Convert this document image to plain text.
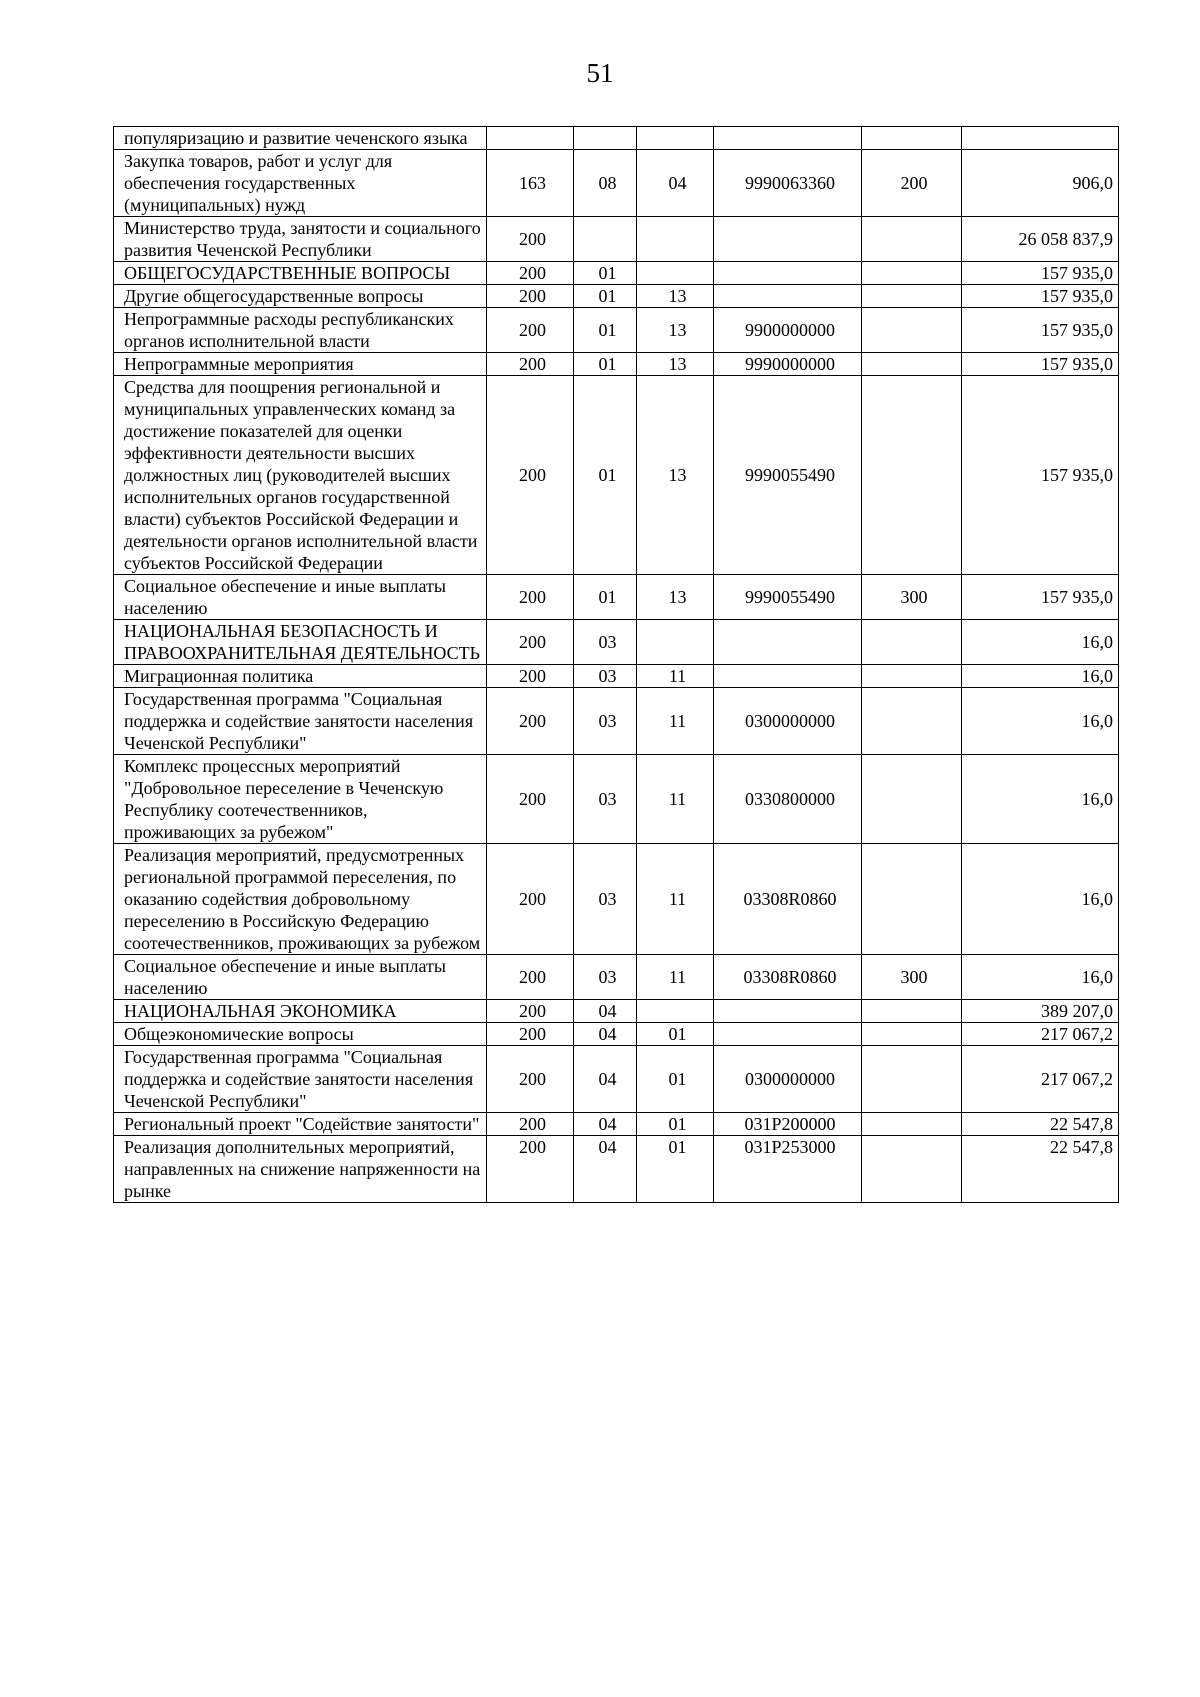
51
популяризацию и развитие чеченского языка						
Закупка товаров, работ и услуг для обеспечения государственных (муниципальных) нужд	163	08	04	9990063360	200	906,0
Министерство труда, занятости и социального развития Чеченской Республики	200					26 058 837,9
ОБЩЕГОСУДАРСТВЕННЫЕ ВОПРОСЫ	200	01				157 935,0
Другие общегосударственные вопросы	200	01	13			157 935,0
Непрограммные расходы республиканских органов исполнительной власти	200	01	13	9900000000		157 935,0
Непрограммные мероприятия	200	01	13	9990000000		157 935,0
Средства для поощрения региональной и муниципальных управленческих команд за достижение показателей для оценки эффективности деятельности высших должностных лиц (руководителей высших исполнительных органов государственной власти) субъектов Российской Федерации и деятельности органов исполнительной власти субъектов Российской Федерации	200	01	13	9990055490		157 935,0
Социальное обеспечение и иные выплаты населению	200	01	13	9990055490	300	157 935,0
НАЦИОНАЛЬНАЯ БЕЗОПАСНОСТЬ И ПРАВООХРАНИТЕЛЬНАЯ ДЕЯТЕЛЬНОСТЬ	200	03				16,0
Миграционная политика	200	03	11			16,0
Государственная программа "Социальная поддержка и содействие занятости населения Чеченской Республики"	200	03	11	0300000000		16,0
Комплекс процессных мероприятий "Добровольное переселение в Чеченскую Республику соотечественников, проживающих за рубежом"	200	03	11	0330800000		16,0
Реализация мероприятий, предусмотренных региональной программой переселения, по оказанию содействия добровольному переселению в Российскую Федерацию соотечественников, проживающих за рубежом	200	03	11	03308R0860		16,0
Социальное обеспечение и иные выплаты населению	200	03	11	03308R0860	300	16,0
НАЦИОНАЛЬНАЯ ЭКОНОМИКА	200	04				389 207,0
Общеэкономические вопросы	200	04	01			217 067,2
Государственная программа "Социальная поддержка и содействие занятости населения Чеченской Республики"	200	04	01	0300000000		217 067,2
Региональный проект "Содействие занятости"	200	04	01	031P200000		22 547,8
Реализация дополнительных мероприятий, направленных на снижение напряженности на рынке	200	04	01	031P253000		22 547,8
